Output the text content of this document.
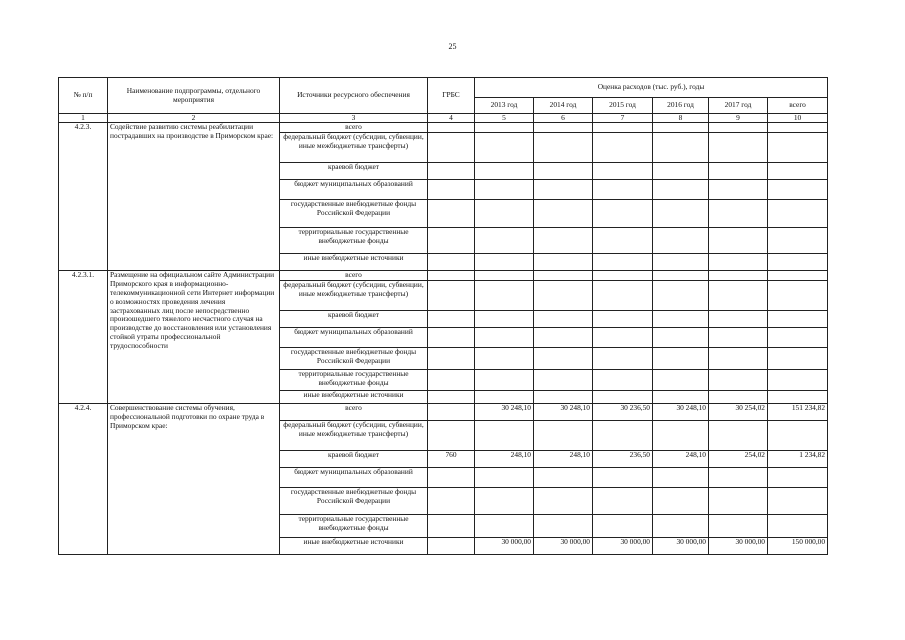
25
№ п/п	Наименование подпрограммы, отдельного мероприятия	Источники ресурсного обеспечения	ГРБС	Оценка расходов (тыс. руб.), годы					
				2013 год	2014 год	2015 год	2016 год	2017 год	всего
1	2	3	4	5	6	7	8	9	10
4.2.3.	Содействие развитию системы реабилитации пострадавших на производстве в Приморском крае:	всего							
		федеральный бюджет (субсидии, субвенции, иные межбюджетные трансферты)							
		краевой бюджет							
		бюджет муниципальных образований							
		государственные внебюджетные фонды Российской Федерации							
		территориальные государственные внебюджетные фонды							
		иные внебюджетные источники							
4.2.3.1.	Размещение на официальном сайте Администрации Приморского края в информационно-телекоммуникационной сети Интернет информации о возможностях проведения лечения застрахованных лиц после непосредственно произошедшего тяжелого несчастного случая на производстве до восстановления или установления стойкой утраты профессиональной трудоспособности	всего							
		федеральный бюджет (субсидии, субвенции, иные межбюджетные трансферты)							
		краевой бюджет							
		бюджет муниципальных образований							
		государственные внебюджетные фонды Российской Федерации							
		территориальные государственные внебюджетные фонды							
		иные внебюджетные источники							
4.2.4.	Совершенствование системы обучения, профессиональной подготовки по охране труда в Приморском крае:	всего		30 248,10	30 248,10	30 236,50	30 248,10	30 254,02	151 234,82
		федеральный бюджет (субсидии, субвенции, иные межбюджетные трансферты)							
		краевой бюджет	760	248,10	248,10	236,50	248,10	254,02	1 234,82
		бюджет муниципальных образований							
		государственные внебюджетные фонды Российской Федерации							
		территориальные государственные внебюджетные фонды							
		иные внебюджетные источники		30 000,00	30 000,00	30 000,00	30 000,00	30 000,00	150 000,00
